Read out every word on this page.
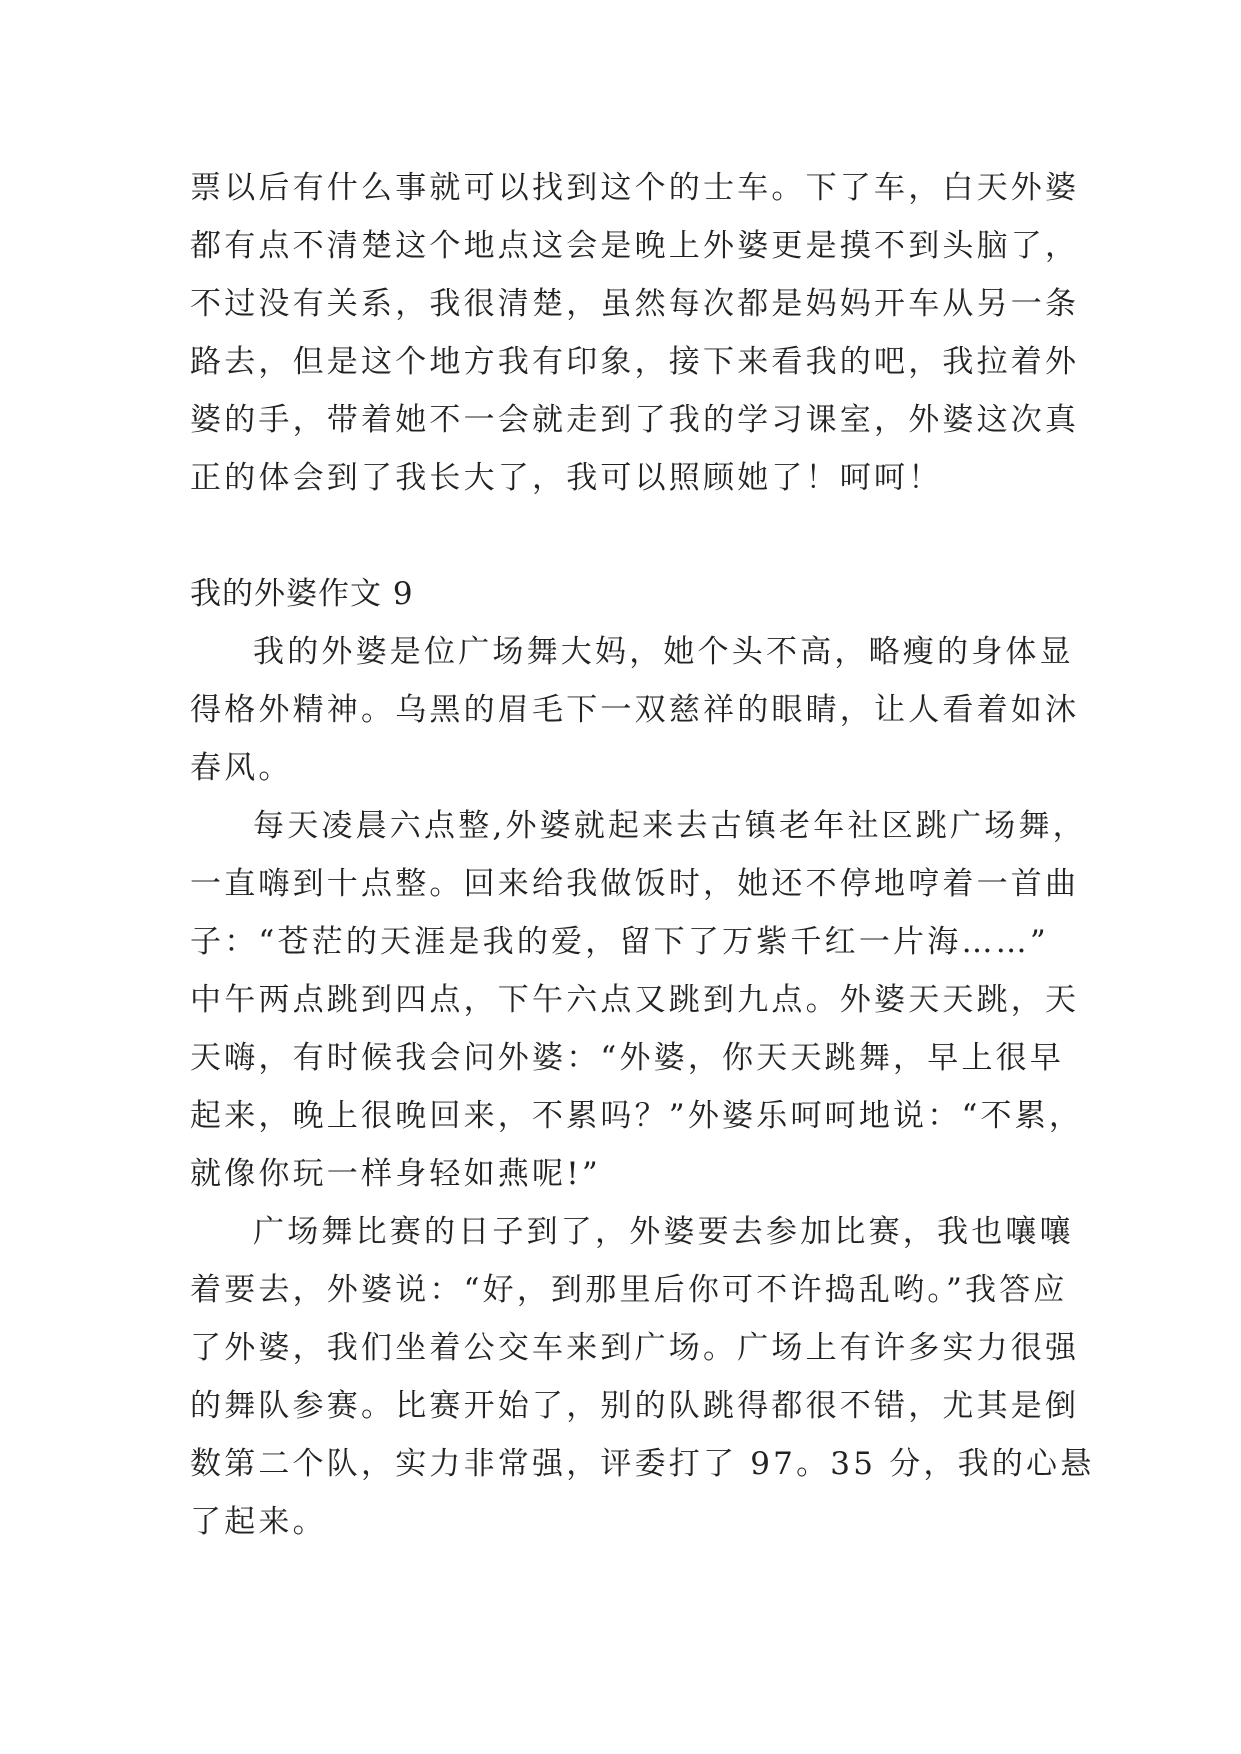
票以后有什么事就可以找到这个的士车。下了车，白天外婆
都有点不清楚这个地点这会是晚上外婆更是摸不到头脑了，
不过没有关系，我很清楚，虽然每次都是妈妈开车从另一条
路去，但是这个地方我有印象，接下来看我的吧，我拉着外
婆的手，带着她不一会就走到了我的学习课室，外婆这次真
正的体会到了我长大了，我可以照顾她了！呵呵！
我的外婆作文 9
我的外婆是位广场舞大妈，她个头不高，略瘦的身体显
得格外精神。乌黑的眉毛下一双慈祥的眼睛，让人看着如沐
春风。
每天凌晨六点整,外婆就起来去古镇老年社区跳广场舞，
一直嗨到十点整。回来给我做饭时，她还不停地哼着一首曲
子：“苍茫的天涯是我的爱，留下了万紫千红一片海……”
中午两点跳到四点，下午六点又跳到九点。外婆天天跳，天
天嗨，有时候我会问外婆：“外婆，你天天跳舞，早上很早
起来，晚上很晚回来，不累吗？”外婆乐呵呵地说：“不累，
就像你玩一样身轻如燕呢!”
广场舞比赛的日子到了，外婆要去参加比赛，我也嚷嚷
着要去，外婆说：“好，到那里后你可不许捣乱哟。”我答应
了外婆，我们坐着公交车来到广场。广场上有许多实力很强
的舞队参赛。比赛开始了，别的队跳得都很不错，尤其是倒
数第二个队，实力非常强，评委打了 97。35 分，我的心悬
了起来。
